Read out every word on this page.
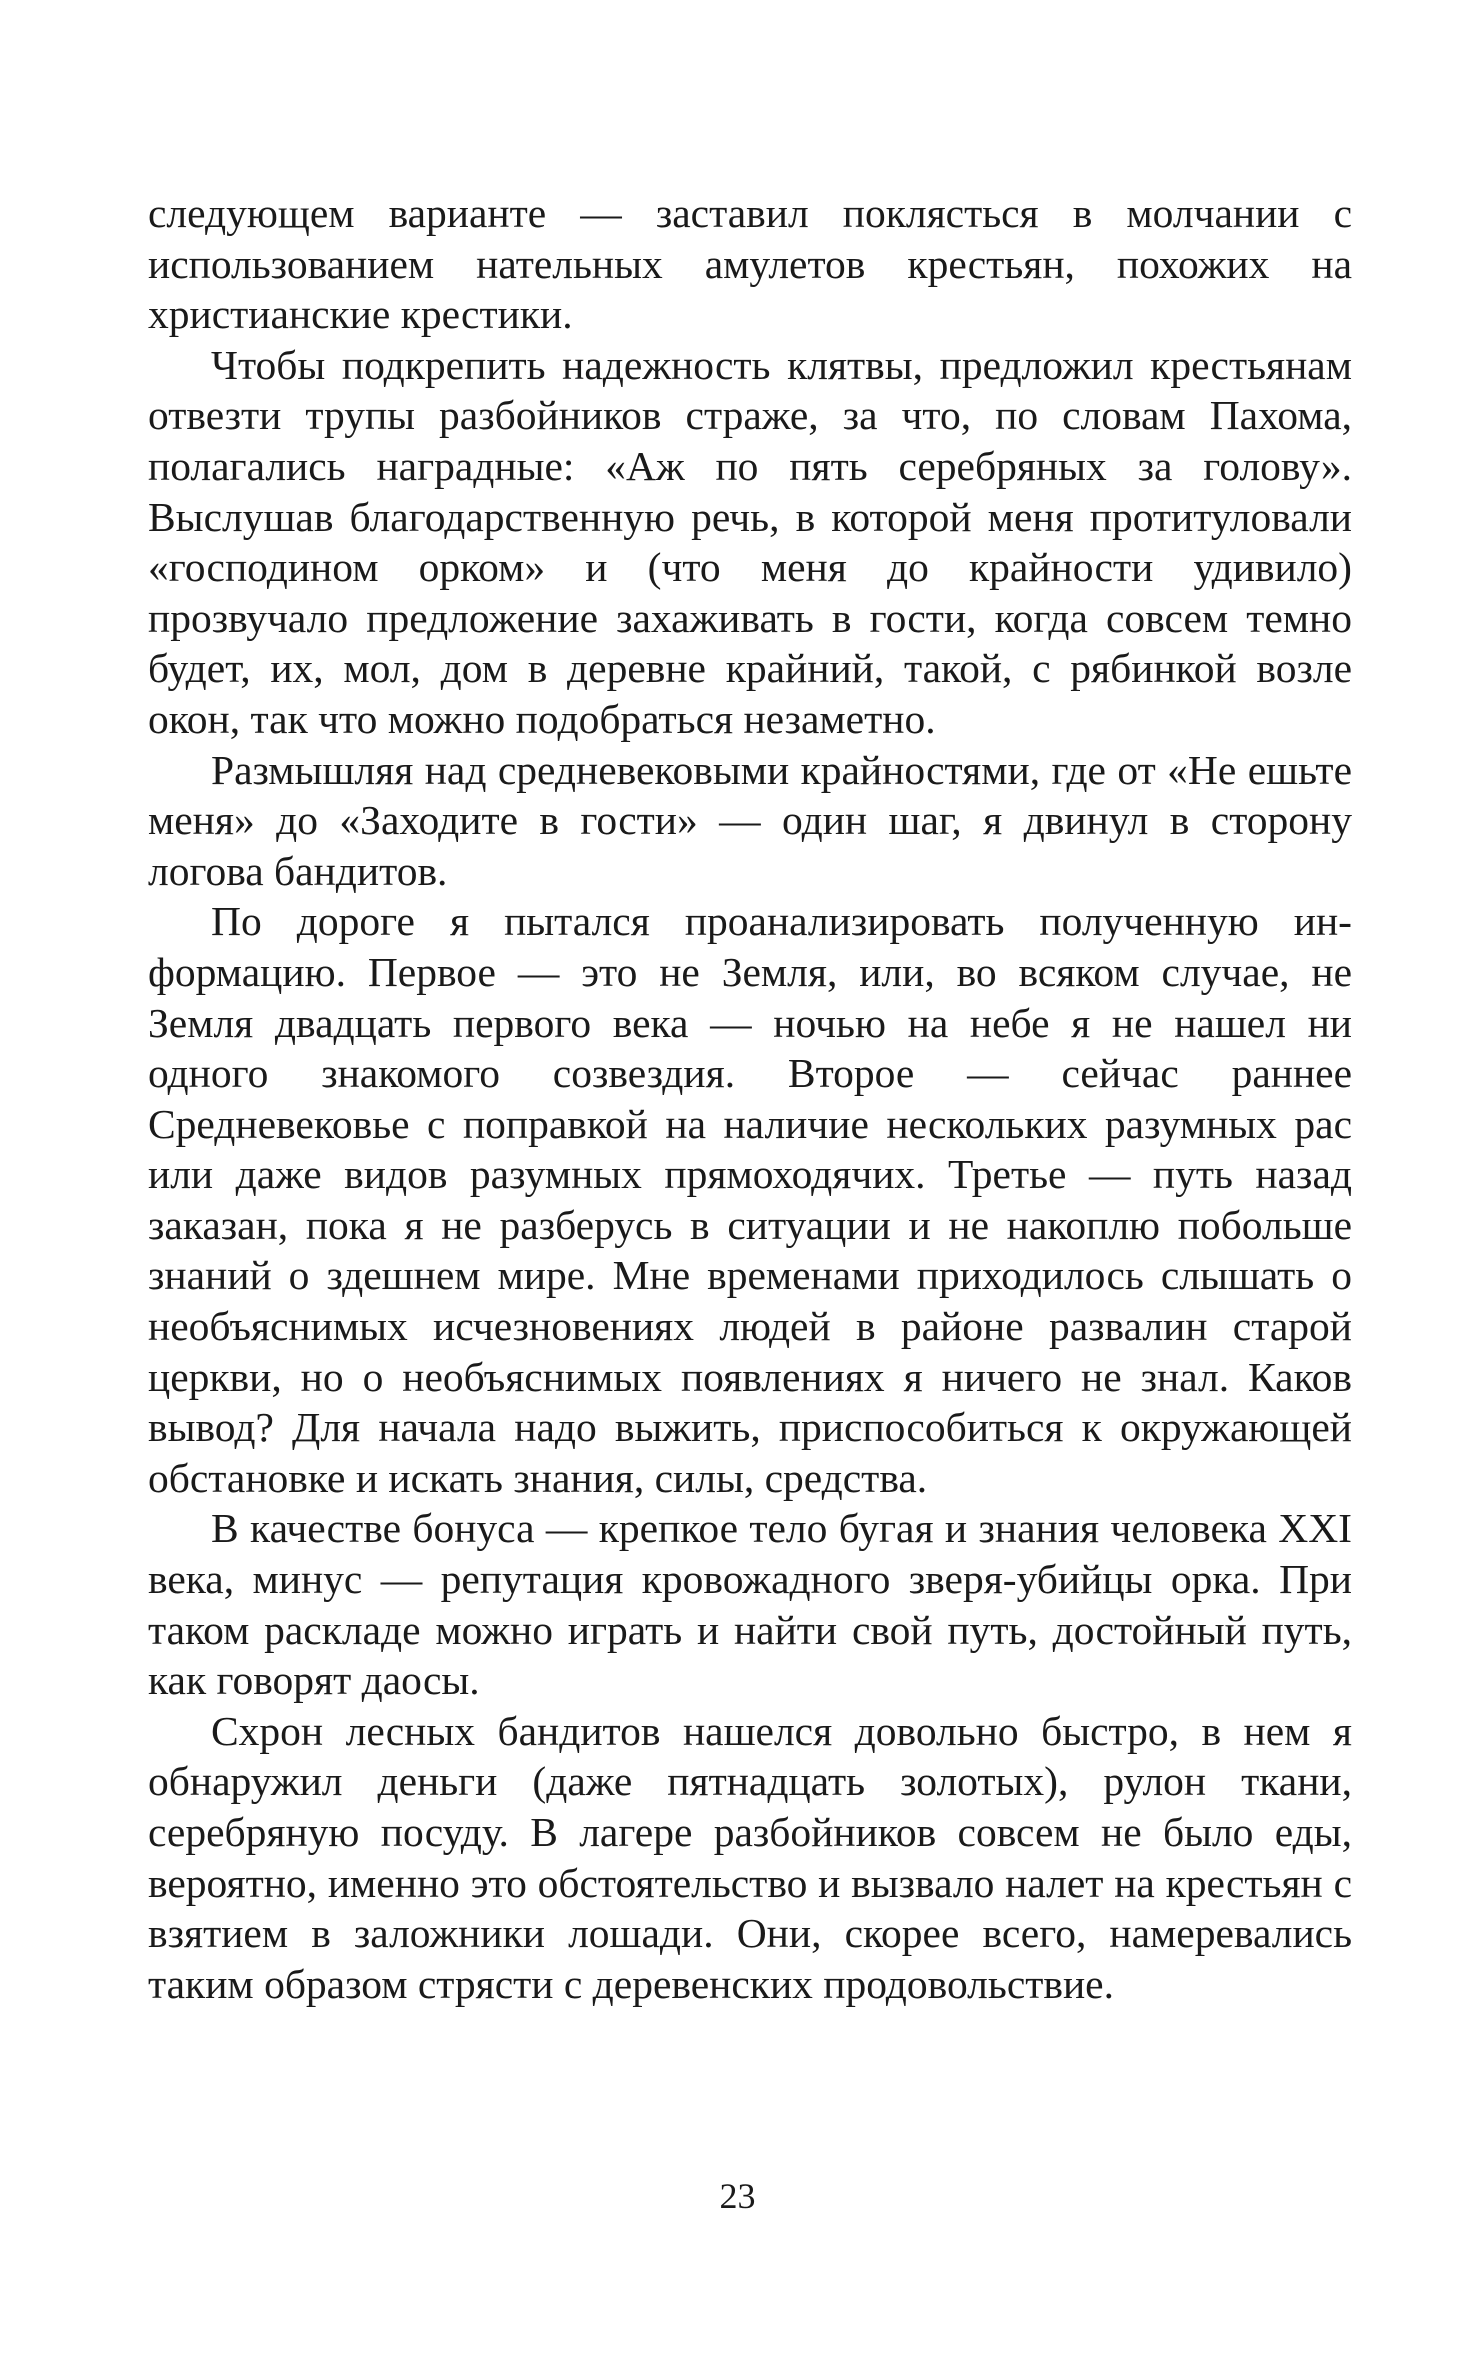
следующем варианте — заставил поклясться в молчании с использованием нательных амулетов крестьян, похожих на христианские крестики.

Чтобы подкрепить надежность клятвы, предложил крестьянам отвезти трупы разбойников страже, за что, по словам Пахома, полагались наградные: «Аж по пять серебряных за голову». Выслушав благодарственную речь, в которой меня протитуловали «господином орком» и (что меня до крайности удивило) прозвучало предложение захаживать в гости, когда совсем темно будет, их, мол, дом в деревне крайний, такой, с рябинкой возле окон, так что можно подобраться незаметно.

Размышляя над средневековыми крайностями, где от «Не ешьте меня» до «Заходите в гости» — один шаг, я двинул в сторону логова бандитов.

По дороге я пытался проанализировать полученную информацию. Первое — это не Земля, или, во всяком случае, не Земля двадцать первого века — ночью на небе я не нашел ни одного знакомого созвездия. Второе — сейчас раннее Средневековье с поправкой на наличие нескольких разумных рас или даже видов разумных прямоходячих. Третье — путь назад заказан, пока я не разберусь в ситуации и не накоплю побольше знаний о здешнем мире. Мне временами приходилось слышать о необъяснимых исчезновениях людей в районе развалин старой церкви, но о необъяснимых появлениях я ничего не знал. Каков вывод? Для начала надо выжить, приспособиться к окружающей обстановке и искать знания, силы, средства.

В качестве бонуса — крепкое тело бугая и знания человека XXI века, минус — репутация кровожадного зверя-убийцы орка. При таком раскладе можно играть и найти свой путь, достойный путь, как говорят даосы.

Схрон лесных бандитов нашелся довольно быстро, в нем я обнаружил деньги (даже пятнадцать золотых), рулон ткани, серебряную посуду. В лагере разбойников совсем не было еды, вероятно, именно это обстоятельство и вызвало налет на крестьян с взятием в заложники лошади. Они, скорее всего, намеревались таким образом стрясти с деревенских продовольствие.

23
